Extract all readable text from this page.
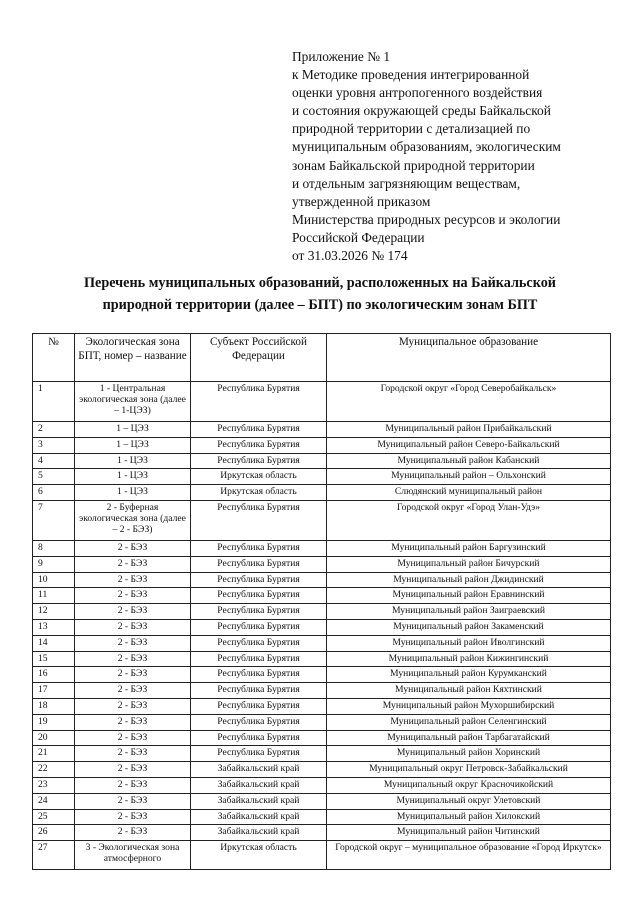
Приложение № 1
к Методике проведения интегрированной
оценки уровня антропогенного воздействия
и состояния окружающей среды Байкальской
природной территории с детализацией по
муниципальным образованиям, экологическим
зонам Байкальской природной территории
и отдельным загрязняющим веществам,
утвержденной приказом
Министерства природных ресурсов и экологии
Российской Федерации
от 31.03.2026 № 174
Перечень муниципальных образований, расположенных на Байкальской
природной территории (далее – БПТ) по экологическим зонам БПТ
№	Экологическая зона БПТ, номер – название	Субъект Российской Федерации	Муниципальное образование
1	1 - Центральная экологическая зона (далее – 1-ЦЭЗ)	Республика Бурятия	Городской округ «Город Северобайкальск»
2	1 – ЦЭЗ	Республика Бурятия	Муниципальный район Прибайкальский
3	1 – ЦЭЗ	Республика Бурятия	Муниципальный район Северо-Байкальский
4	1 - ЦЭЗ	Республика Бурятия	Муниципальный район Кабанский
5	1 - ЦЭЗ	Иркутская область	Муниципальный район – Ольхонский
6	1 - ЦЭЗ	Иркутская область	Слюдянский муниципальный район
7	2 - Буферная экологическая зона (далее – 2 - БЭЗ)	Республика Бурятия	Городской округ «Город Улан-Удэ»
8	2 - БЭЗ	Республика Бурятия	Муниципальный район Баргузинский
9	2 - БЭЗ	Республика Бурятия	Муниципальный район Бичурский
10	2 - БЭЗ	Республика Бурятия	Муниципальный район Джидинский
11	2 - БЭЗ	Республика Бурятия	Муниципальный район Еравнинский
12	2 - БЭЗ	Республика Бурятия	Муниципальный район Заиграевский
13	2 - БЭЗ	Республика Бурятия	Муниципальный район Закаменский
14	2 - БЭЗ	Республика Бурятия	Муниципальный район Иволгинский
15	2 - БЭЗ	Республика Бурятия	Муниципальный район Кижингинский
16	2 - БЭЗ	Республика Бурятия	Муниципальный район Курумканский
17	2 - БЭЗ	Республика Бурятия	Муниципальный район Кяхтинский
18	2 - БЭЗ	Республика Бурятия	Муниципальный район Мухоршибирский
19	2 - БЭЗ	Республика Бурятия	Муниципальный район Селенгинский
20	2 - БЭЗ	Республика Бурятия	Муниципальный район Тарбагатайский
21	2 - БЭЗ	Республика Бурятия	Муниципальный район Хоринский
22	2 - БЭЗ	Забайкальский край	Муниципальный округ Петровск-Забайкальский
23	2 - БЭЗ	Забайкальский край	Муниципальный округ Красночикойский
24	2 - БЭЗ	Забайкальский край	Муниципальный округ Улетовский
25	2 - БЭЗ	Забайкальский край	Муниципальный район Хилокский
26	2 - БЭЗ	Забайкальский край	Муниципальный район Читинский
27	3 - Экологическая зона атмосферного	Иркутская область	Городской округ – муниципальное образование «Город Иркутск»
